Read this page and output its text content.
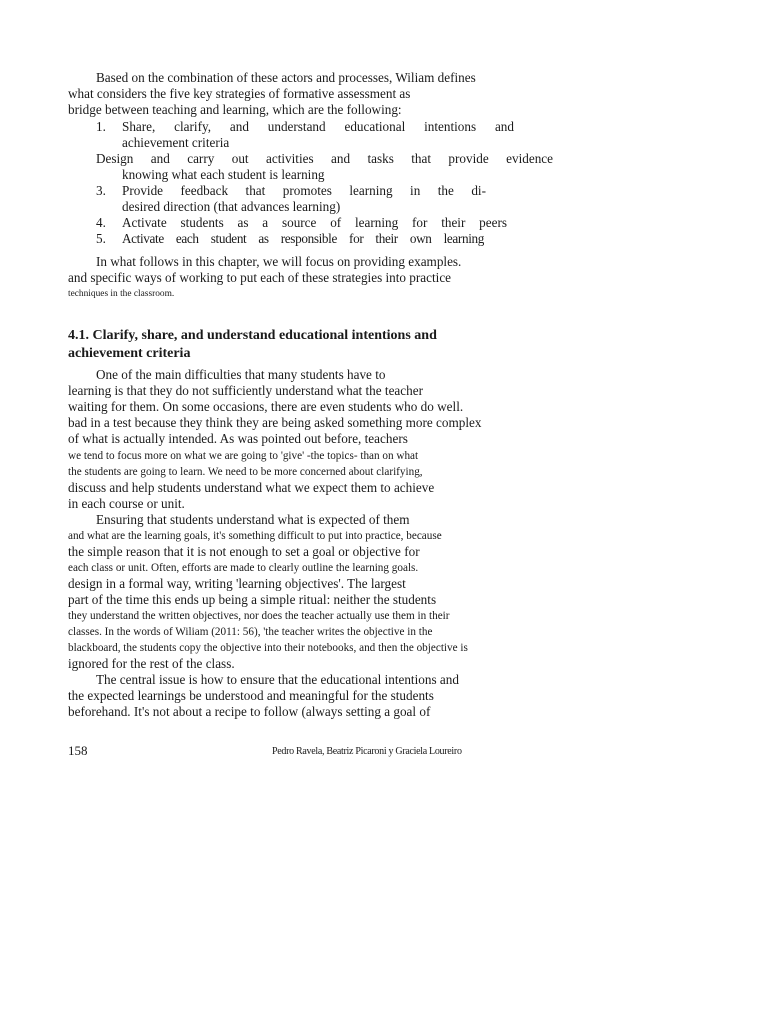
Based on the combination of these actors and processes, Wiliam defines
what considers the five key strategies of formative assessment as
bridge between teaching and learning, which are the following:
1. Share, clarify, and understand educational intentions and
achievement criteria
Design and carry out activities and tasks that provide evidence
knowing what each student is learning
3. Provide feedback that promotes learning in the di-
desired direction (that advances learning)
4. Activate students as a source of learning for their peers
5. Activate each student as responsible for their own learning
In what follows in this chapter, we will focus on providing examples.
and specific ways of working to put each of these strategies into practice
techniques in the classroom.
4.1. Clarify, share, and understand educational intentions and
achievement criteria
One of the main difficulties that many students have to
learning is that they do not sufficiently understand what the teacher
waiting for them. On some occasions, there are even students who do well.
bad in a test because they think they are being asked something more complex
of what is actually intended. As was pointed out before, teachers
we tend to focus more on what we are going to 'give' -the topics- than on what
the students are going to learn. We need to be more concerned about clarifying,
discuss and help students understand what we expect them to achieve
in each course or unit.
Ensuring that students understand what is expected of them
and what are the learning goals, it's something difficult to put into practice, because
the simple reason that it is not enough to set a goal or objective for
each class or unit. Often, efforts are made to clearly outline the learning goals.
design in a formal way, writing 'learning objectives'. The largest
part of the time this ends up being a simple ritual: neither the students
they understand the written objectives, nor does the teacher actually use them in their
classes. In the words of Wiliam (2011: 56), 'the teacher writes the objective in the
blackboard, the students copy the objective into their notebooks, and then the objective is
ignored for the rest of the class.
The central issue is how to ensure that the educational intentions and
the expected learnings be understood and meaningful for the students
beforehand. It's not about a recipe to follow (always setting a goal of
158	Pedro Ravela, Beatriz Picaroni y Graciela Loureiro
